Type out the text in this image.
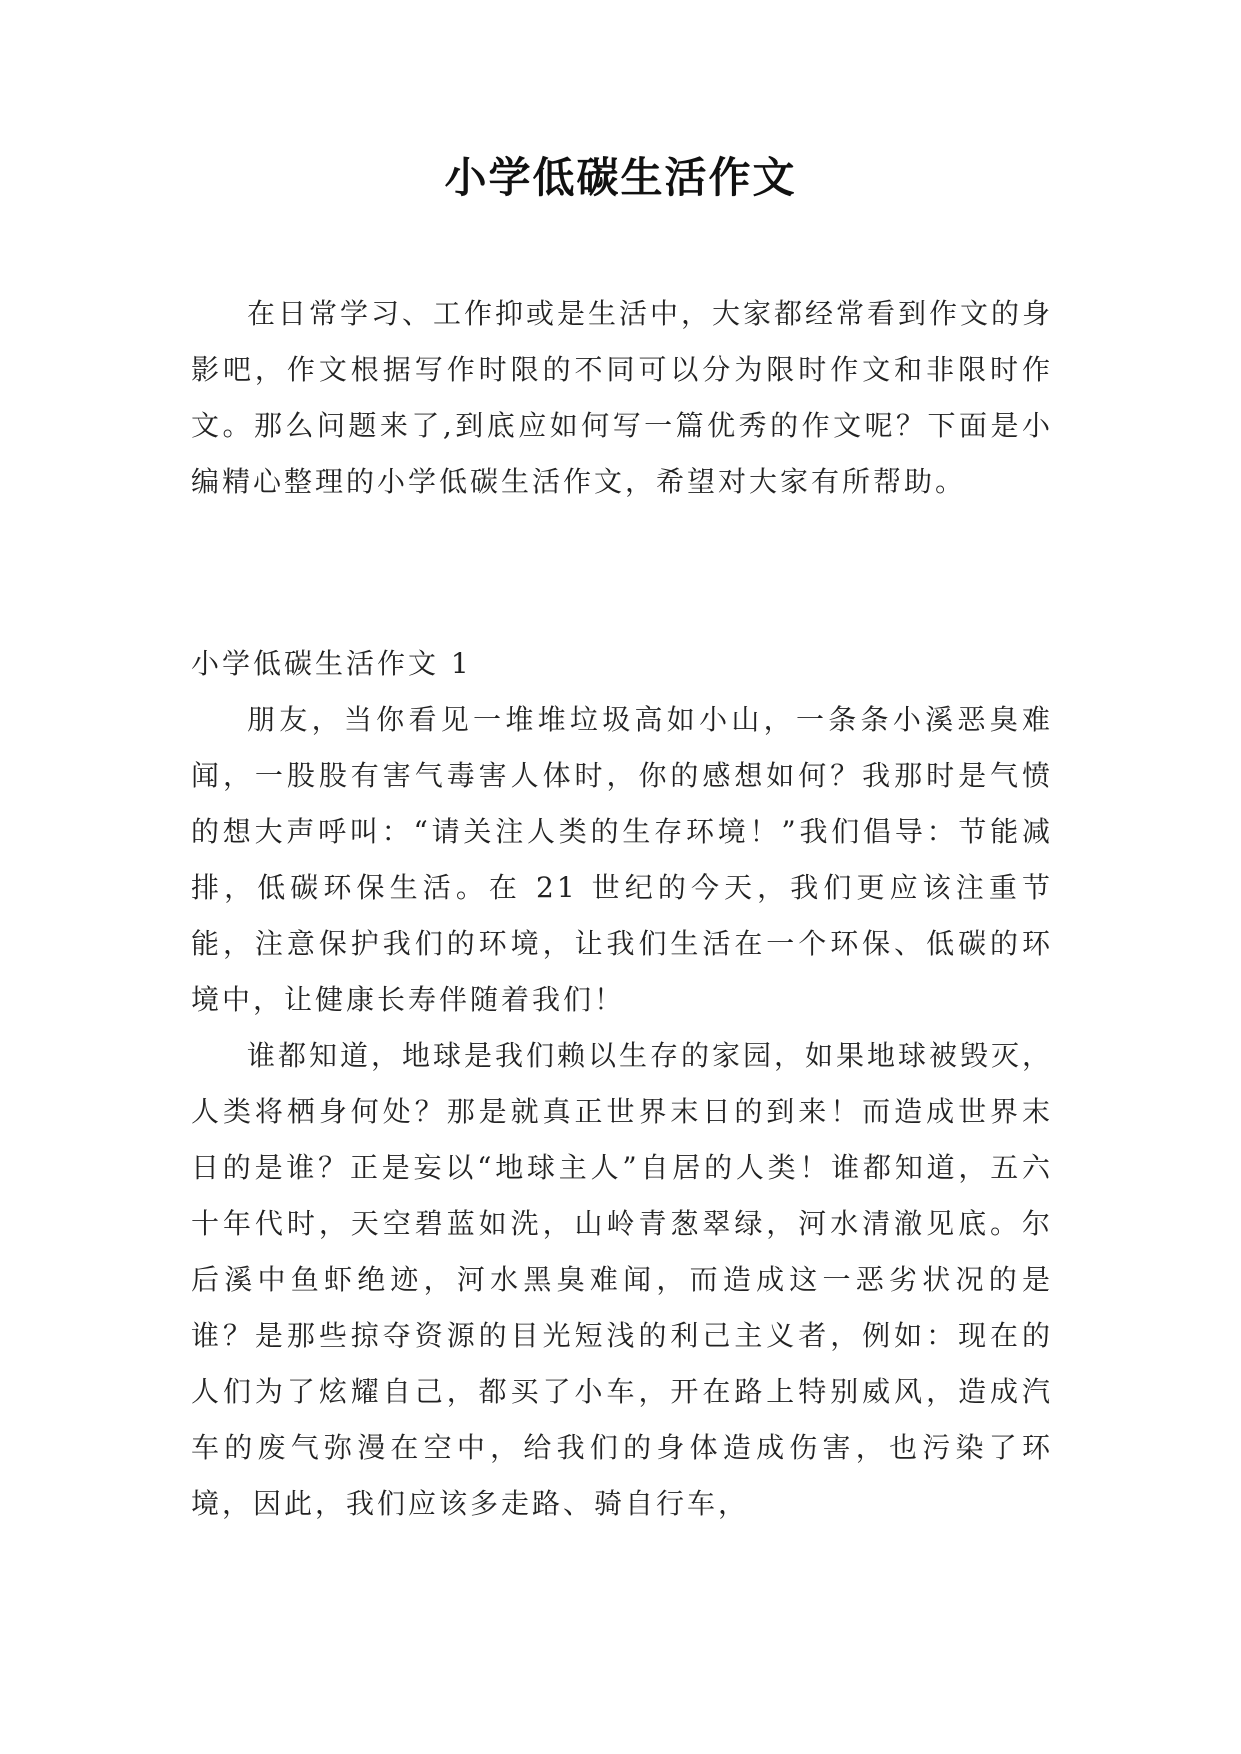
小学低碳生活作文

在日常学习、工作抑或是生活中，大家都经常看到作文的身影吧，作文根据写作时限的不同可以分为限时作文和非限时作文。那么问题来了,到底应如何写一篇优秀的作文呢？下面是小编精心整理的小学低碳生活作文，希望对大家有所帮助。

小学低碳生活作文 1

朋友，当你看见一堆堆垃圾高如小山，一条条小溪恶臭难闻，一股股有害气毒害人体时，你的感想如何？我那时是气愤的想大声呼叫：“请关注人类的生存环境！”我们倡导：节能减排，低碳环保生活。在 21 世纪的今天，我们更应该注重节能，注意保护我们的环境，让我们生活在一个环保、低碳的环境中，让健康长寿伴随着我们！

谁都知道，地球是我们赖以生存的家园，如果地球被毁灭，人类将栖身何处？那是就真正世界末日的到来！而造成世界末日的是谁？正是妄以“地球主人”自居的人类！谁都知道，五六十年代时，天空碧蓝如洗，山岭青葱翠绿，河水清澈见底。尔后溪中鱼虾绝迹，河水黑臭难闻，而造成这一恶劣状况的是谁？是那些掠夺资源的目光短浅的利己主义者，例如：现在的人们为了炫耀自己，都买了小车，开在路上特别威风，造成汽车的废气弥漫在空中，给我们的身体造成伤害，也污染了环境，因此，我们应该多走路、骑自行车，
